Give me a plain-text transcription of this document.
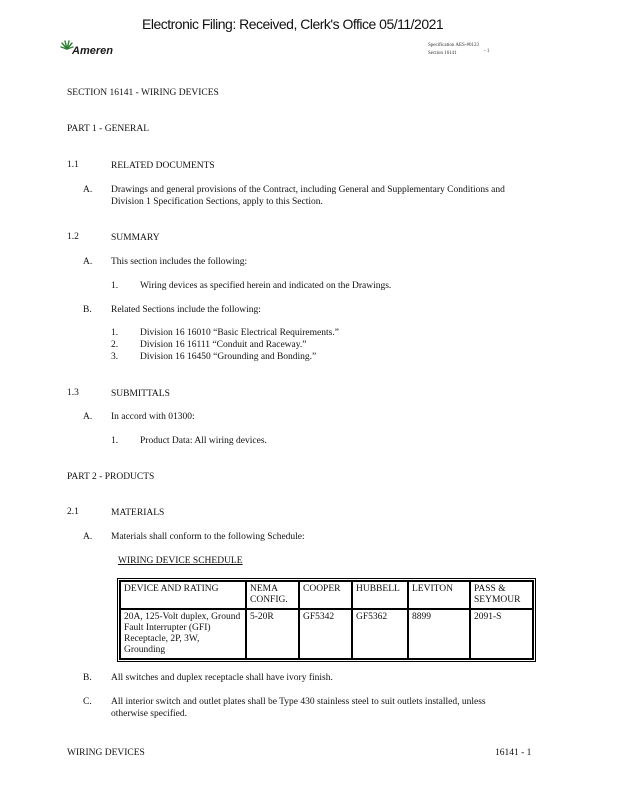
Electronic Filing: Received, Clerk's Office 05/11/2021
Ameren	Specification AES-#0123
Section 16141	- 1
SECTION 16141 - WIRING DEVICES
PART 1 - GENERAL
1.1	RELATED DOCUMENTS
A. Drawings and general provisions of the Contract, including General and Supplementary Conditions and
Division 1 Specification Sections, apply to this Section.
1.2	SUMMARY
A. This section includes the following:
1. Wiring devices as specified herein and indicated on the Drawings.
B. Related Sections include the following:
1. Division 16 16010 “Basic Electrical Requirements.”
2. Division 16 16111 “Conduit and Raceway.”
3. Division 16 16450 “Grounding and Bonding.”
1.3	SUBMITTALS
A. In accord with 01300:
1. Product Data: All wiring devices.
PART 2 - PRODUCTS
2.1	MATERIALS
A. Materials shall conform to the following Schedule:
WIRING DEVICE SCHEDULE
DEVICE AND RATING	NEMA CONFIG.	COOPER	HUBBELL	LEVITON	PASS & SEYMOUR
20A, 125-Volt duplex, Ground Fault Interrupter (GFI) Receptacle, 2P, 3W, Grounding	5-20R	GF5342	GF5362	8899	2091-S
B. All switches and duplex receptacle shall have ivory finish.
C. All interior switch and outlet plates shall be Type 430 stainless steel to suit outlets installed, unless
otherwise specified.
WIRING DEVICES	16141 - 1
